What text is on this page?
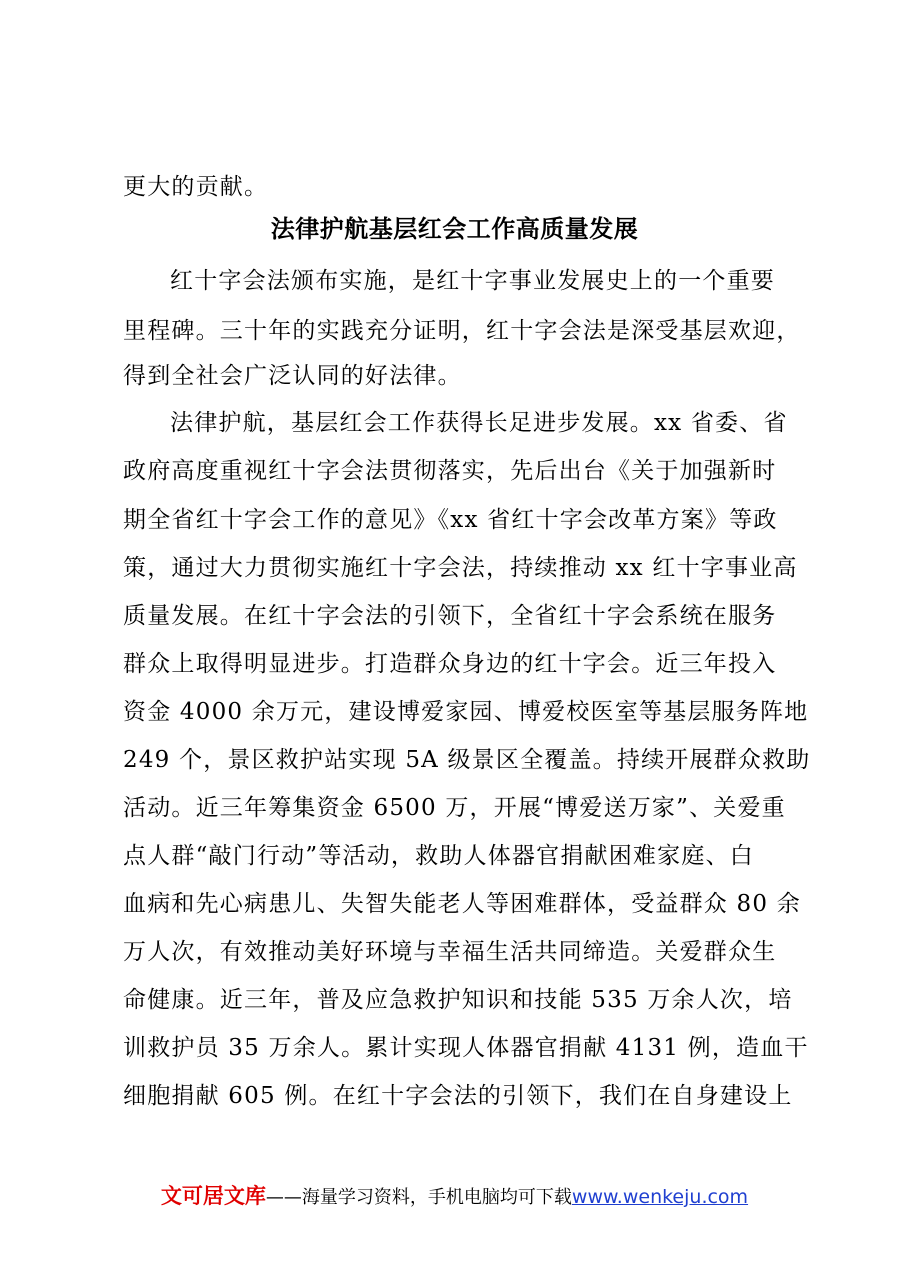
更大的贡献。
法律护航基层红会工作高质量发展
红十字会法颁布实施，是红十字事业发展史上的一个重要
里程碑。三十年的实践充分证明，红十字会法是深受基层欢迎，
得到全社会广泛认同的好法律。
法律护航，基层红会工作获得长足进步发展。xx 省委、省
政府高度重视红十字会法贯彻落实，先后出台《关于加强新时
期全省红十字会工作的意见》《xx 省红十字会改革方案》等政
策，通过大力贯彻实施红十字会法，持续推动 xx 红十字事业高
质量发展。在红十字会法的引领下，全省红十字会系统在服务
群众上取得明显进步。打造群众身边的红十字会。近三年投入
资金 4000 余万元，建设博爱家园、博爱校医室等基层服务阵地
249 个，景区救护站实现 5A 级景区全覆盖。持续开展群众救助
活动。近三年筹集资金 6500 万，开展“博爱送万家”、关爱重
点人群“敲门行动”等活动，救助人体器官捐献困难家庭、白
血病和先心病患儿、失智失能老人等困难群体，受益群众 80 余
万人次，有效推动美好环境与幸福生活共同缔造。关爱群众生
命健康。近三年，普及应急救护知识和技能 535 万余人次，培
训救护员 35 万余人。累计实现人体器官捐献 4131 例，造血干
细胞捐献 605 例。在红十字会法的引领下，我们在自身建设上
文可居文库——海量学习资料，手机电脑均可下载www.wenkeju.com
